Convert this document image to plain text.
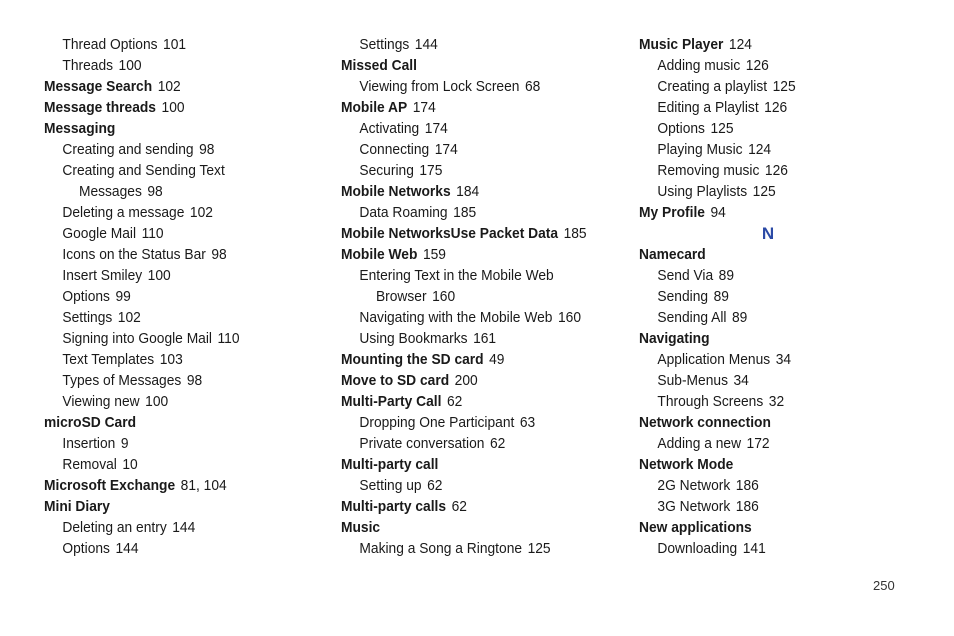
Thread Options 101
Threads 100
Message Search 102
Message threads 100
Messaging
Creating and sending 98
Creating and Sending Text
Messages 98
Deleting a message 102
Google Mail 110
Icons on the Status Bar 98
Insert Smiley 100
Options 99
Settings 102
Signing into Google Mail 110
Text Templates 103
Types of Messages 98
Viewing new 100
microSD Card
Insertion 9
Removal 10
Microsoft Exchange 81, 104
Mini Diary
Deleting an entry 144
Options 144
Settings 144
Missed Call
Viewing from Lock Screen 68
Mobile AP 174
Activating 174
Connecting 174
Securing 175
Mobile Networks 184
Data Roaming 185
Mobile NetworksUse Packet Data 185
Mobile Web 159
Entering Text in the Mobile Web
Browser 160
Navigating with the Mobile Web 160
Using Bookmarks 161
Mounting the SD card 49
Move to SD card 200
Multi-Party Call 62
Dropping One Participant 63
Private conversation 62
Multi-party call
Setting up 62
Multi-party calls 62
Music
Making a Song a Ringtone 125
Music Player 124
Adding music 126
Creating a playlist 125
Editing a Playlist 126
Options 125
Playing Music 124
Removing music 126
Using Playlists 125
My Profile 94
N
Namecard
Send Via 89
Sending 89
Sending All 89
Navigating
Application Menus 34
Sub-Menus 34
Through Screens 32
Network connection
Adding a new 172
Network Mode
2G Network 186
3G Network 186
New applications
Downloading 141
250
